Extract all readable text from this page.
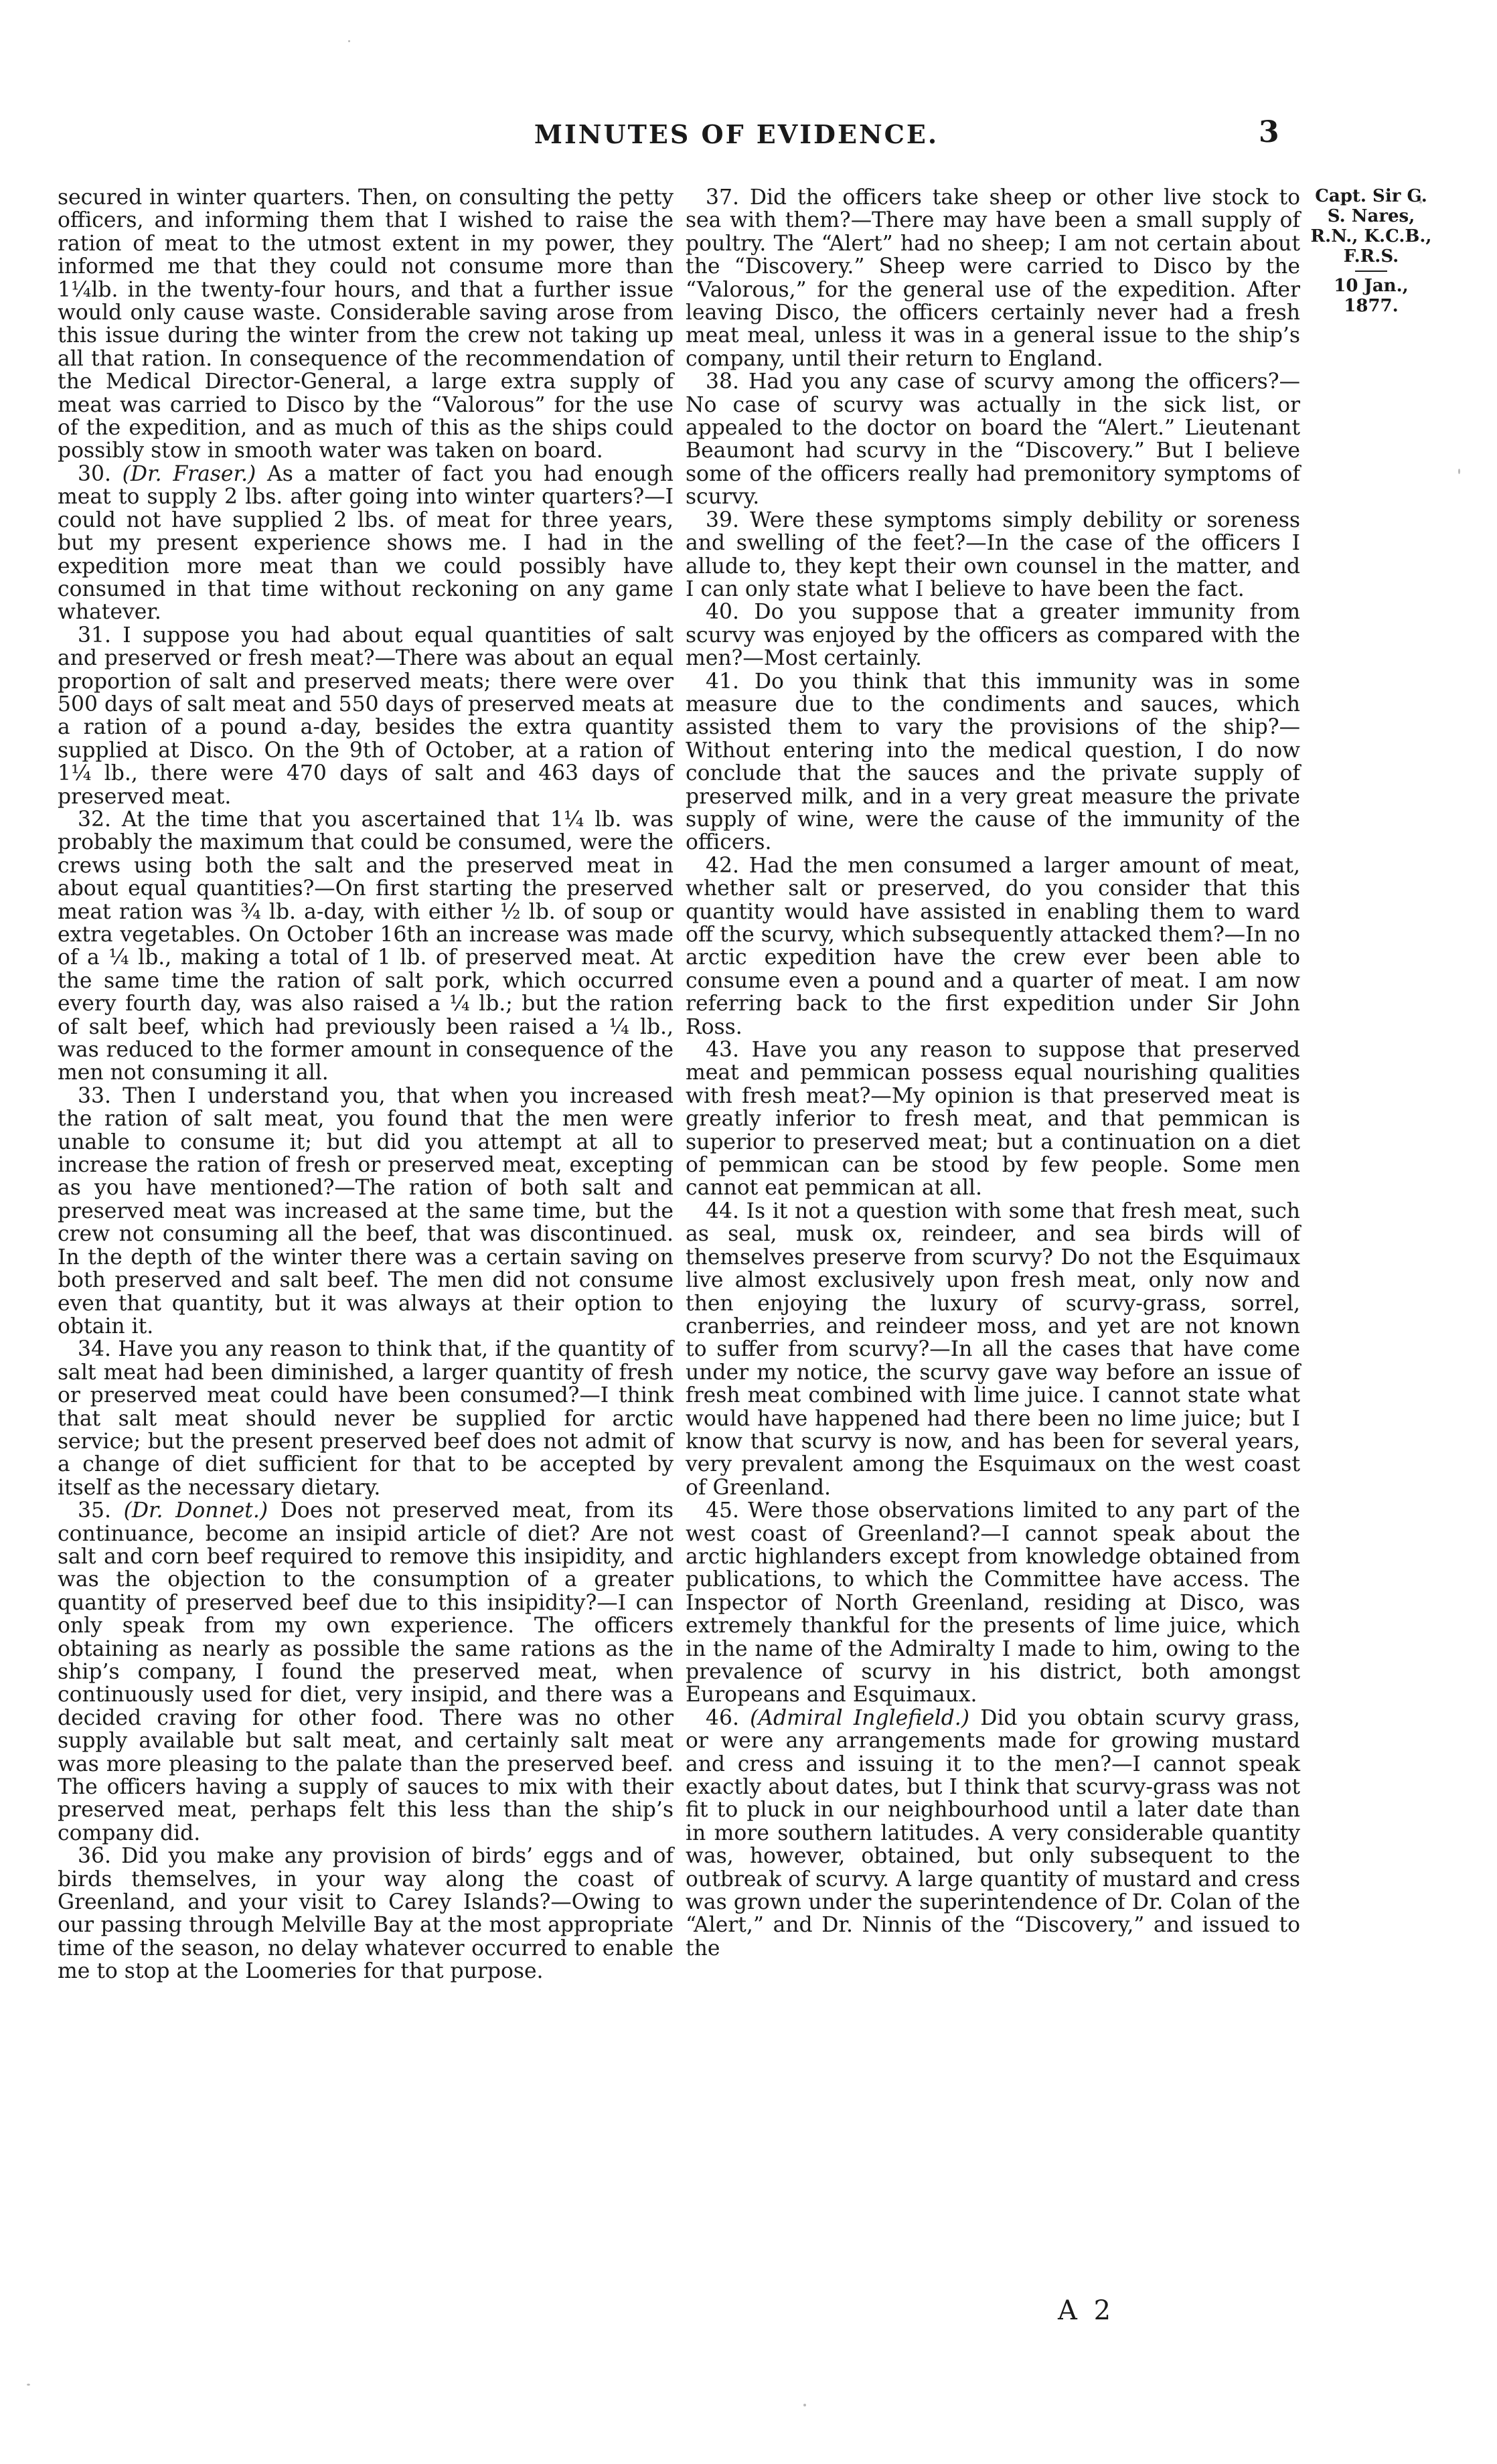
MINUTES OF EVIDENCE.	3

secured in winter quarters. Then, on consulting the petty officers, and informing them that I wished to raise the ration of meat to the utmost extent in my power, they informed me that they could not consume more than 1¼lb. in the twenty-four hours, and that a further issue would only cause waste. Considerable saving arose from this issue during the winter from the crew not taking up all that ration. In consequence of the recommendation of the Medical Director-General, a large extra supply of meat was carried to Disco by the “Valorous” for the use of the expedition, and as much of this as the ships could possibly stow in smooth water was taken on board.

30. (Dr. Fraser.) As a matter of fact you had enough meat to supply 2 lbs. after going into winter quarters?—I could not have supplied 2 lbs. of meat for three years, but my present experience shows me. I had in the expedition more meat than we could possibly have consumed in that time without reckoning on any game whatever.

31. I suppose you had about equal quantities of salt and preserved or fresh meat?—There was about an equal proportion of salt and preserved meats; there were over 500 days of salt meat and 550 days of preserved meats at a ration of a pound a-day, besides the extra quantity supplied at Disco. On the 9th of October, at a ration of 1¼ lb., there were 470 days of salt and 463 days of preserved meat.

32. At the time that you ascertained that 1¼ lb. was probably the maximum that could be consumed, were the crews using both the salt and the preserved meat in about equal quantities?—On first starting the preserved meat ration was ¾ lb. a-day, with either ½ lb. of soup or extra vegetables. On October 16th an increase was made of a ¼ lb., making a total of 1 lb. of preserved meat. At the same time the ration of salt pork, which occurred every fourth day, was also raised a ¼ lb.; but the ration of salt beef, which had previously been raised a ¼ lb., was reduced to the former amount in consequence of the men not consuming it all.

33. Then I understand you, that when you increased the ration of salt meat, you found that the men were unable to consume it; but did you attempt at all to increase the ration of fresh or preserved meat, excepting as you have mentioned?—The ration of both salt and preserved meat was increased at the same time, but the crew not consuming all the beef, that was discontinued. In the depth of the winter there was a certain saving on both preserved and salt beef. The men did not consume even that quantity, but it was always at their option to obtain it.

34. Have you any reason to think that, if the quantity of salt meat had been diminished, a larger quantity of fresh or preserved meat could have been consumed?—I think that salt meat should never be supplied for arctic service; but the present preserved beef does not admit of a change of diet sufficient for that to be accepted by itself as the necessary dietary.

35. (Dr. Donnet.) Does not preserved meat, from its continuance, become an insipid article of diet? Are not salt and corn beef required to remove this insipidity, and was the objection to the consumption of a greater quantity of preserved beef due to this insipidity?—I can only speak from my own experience. The officers obtaining as nearly as possible the same rations as the ship’s company, I found the preserved meat, when continuously used for diet, very insipid, and there was a decided craving for other food. There was no other supply available but salt meat, and certainly salt meat was more pleasing to the palate than the preserved beef. The officers having a supply of sauces to mix with their preserved meat, perhaps felt this less than the ship’s company did.

36. Did you make any provision of birds’ eggs and of birds themselves, in your way along the coast of Greenland, and your visit to Carey Islands?—Owing to our passing through Melville Bay at the most appropriate time of the season, no delay whatever occurred to enable me to stop at the Loomeries for that purpose.

37. Did the officers take sheep or other live stock to sea with them?—There may have been a small supply of poultry. The “Alert” had no sheep; I am not certain about the “Discovery.” Sheep were carried to Disco by the “Valorous,” for the general use of the expedition. After leaving Disco, the officers certainly never had a fresh meat meal, unless it was in a general issue to the ship’s company, until their return to England.

38. Had you any case of scurvy among the officers?—No case of scurvy was actually in the sick list, or appealed to the doctor on board the “Alert.” Lieutenant Beaumont had scurvy in the “Discovery.” But I believe some of the officers really had premonitory symptoms of scurvy.

39. Were these symptoms simply debility or soreness and swelling of the feet?—In the case of the officers I allude to, they kept their own counsel in the matter, and I can only state what I believe to have been the fact.

40. Do you suppose that a greater immunity from scurvy was enjoyed by the officers as compared with the men?—Most certainly.

41. Do you think that this immunity was in some measure due to the condiments and sauces, which assisted them to vary the provisions of the ship?—Without entering into the medical question, I do now conclude that the sauces and the private supply of preserved milk, and in a very great measure the private supply of wine, were the cause of the immunity of the officers.

42. Had the men consumed a larger amount of meat, whether salt or preserved, do you consider that this quantity would have assisted in enabling them to ward off the scurvy, which subsequently attacked them?—In no arctic expedition have the crew ever been able to consume even a pound and a quarter of meat. I am now referring back to the first expedition under Sir John Ross.

43. Have you any reason to suppose that preserved meat and pemmican possess equal nourishing qualities with fresh meat?—My opinion is that preserved meat is greatly inferior to fresh meat, and that pemmican is superior to preserved meat; but a continuation on a diet of pemmican can be stood by few people. Some men cannot eat pemmican at all.

44. Is it not a question with some that fresh meat, such as seal, musk ox, reindeer, and sea birds will of themselves preserve from scurvy? Do not the Esquimaux live almost exclusively upon fresh meat, only now and then enjoying the luxury of scurvy-grass, sorrel, cranberries, and reindeer moss, and yet are not known to suffer from scurvy?—In all the cases that have come under my notice, the scurvy gave way before an issue of fresh meat combined with lime juice. I cannot state what would have happened had there been no lime juice; but I know that scurvy is now, and has been for several years, very prevalent among the Esquimaux on the west coast of Greenland.

45. Were those observations limited to any part of the west coast of Greenland?—I cannot speak about the arctic highlanders except from knowledge obtained from publications, to which the Committee have access. The Inspector of North Greenland, residing at Disco, was extremely thankful for the presents of lime juice, which in the name of the Admiralty I made to him, owing to the prevalence of scurvy in his district, both amongst Europeans and Esquimaux.

46. (Admiral Inglefield.) Did you obtain scurvy grass, or were any arrangements made for growing mustard and cress and issuing it to the men?—I cannot speak exactly about dates, but I think that scurvy-grass was not fit to pluck in our neighbourhood until a later date than in more southern latitudes. A very considerable quantity was, however, obtained, but only subsequent to the outbreak of scurvy. A large quantity of mustard and cress was grown under the superintendence of Dr. Colan of the “Alert,” and Dr. Ninnis of the “Discovery,” and issued to the

Capt. Sir G.
S. Nares,
R.N., K.C.B.,
F.R.S.
10 Jan., 1877.
A 2
